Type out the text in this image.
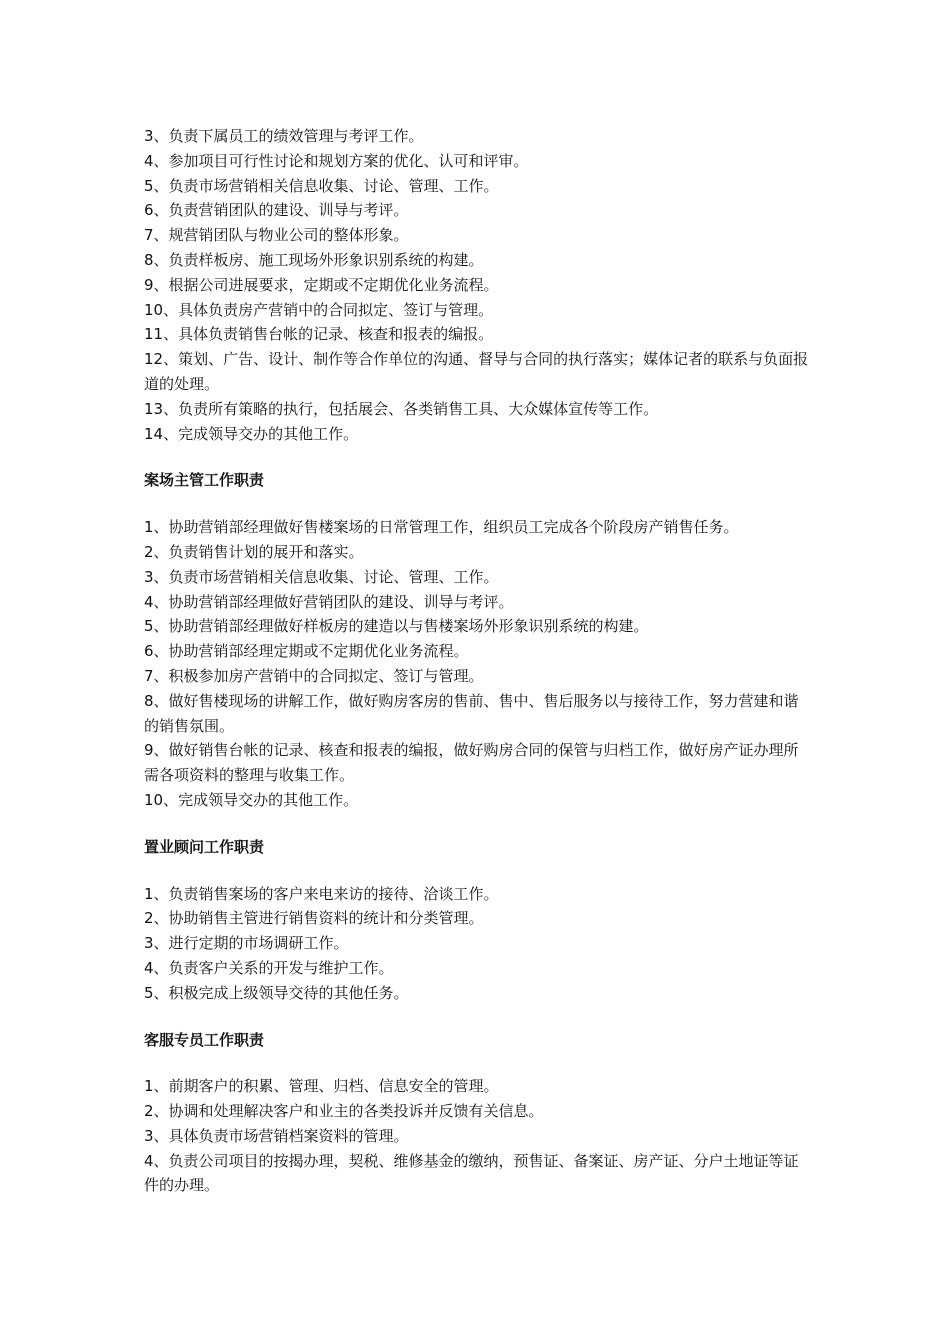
3、负责下属员工的绩效管理与考评工作。
4、参加项目可行性讨论和规划方案的优化、认可和评审。
5、负责市场营销相关信息收集、讨论、管理、工作。
6、负责营销团队的建设、训导与考评。
7、规营销团队与物业公司的整体形象。
8、负责样板房、施工现场外形象识别系统的构建。
9、根据公司进展要求，定期或不定期优化业务流程。
10、具体负责房产营销中的合同拟定、签订与管理。
11、具体负责销售台帐的记录、核查和报表的编报。
12、策划、广告、设计、制作等合作单位的沟通、督导与合同的执行落实；媒体记者的联系与负面报道的处理。
13、负责所有策略的执行，包括展会、各类销售工具、大众媒体宣传等工作。
14、完成领导交办的其他工作。
案场主管工作职责
1、协助营销部经理做好售楼案场的日常管理工作，组织员工完成各个阶段房产销售任务。
2、负责销售计划的展开和落实。
3、负责市场营销相关信息收集、讨论、管理、工作。
4、协助营销部经理做好营销团队的建设、训导与考评。
5、协助营销部经理做好样板房的建造以与售楼案场外形象识别系统的构建。
6、协助营销部经理定期或不定期优化业务流程。
7、积极参加房产营销中的合同拟定、签订与管理。
8、做好售楼现场的讲解工作，做好购房客房的售前、售中、售后服务以与接待工作，努力营建和谐的销售氛围。
9、做好销售台帐的记录、核查和报表的编报，做好购房合同的保管与归档工作，做好房产证办理所需各项资料的整理与收集工作。
10、完成领导交办的其他工作。
置业顾问工作职责
1、负责销售案场的客户来电来访的接待、洽谈工作。
2、协助销售主管进行销售资料的统计和分类管理。
3、进行定期的市场调研工作。
4、负责客户关系的开发与维护工作。
5、积极完成上级领导交待的其他任务。
客服专员工作职责
1、前期客户的积累、管理、归档、信息安全的管理。
2、协调和处理解决客户和业主的各类投诉并反馈有关信息。
3、具体负责市场营销档案资料的管理。
4、负责公司项目的按揭办理，契税、维修基金的缴纳，预售证、备案证、房产证、分户土地证等证件的办理。
